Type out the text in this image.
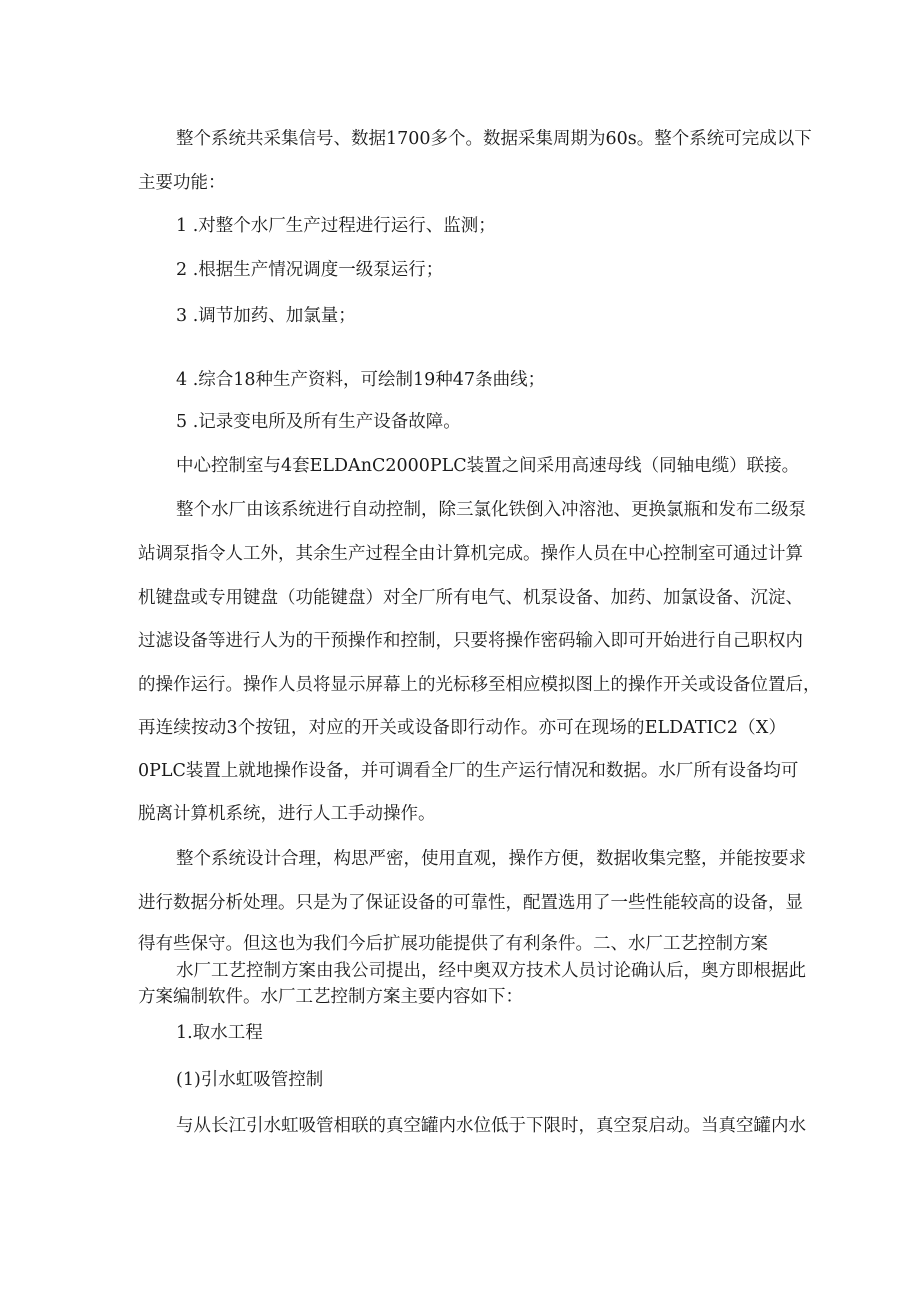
整个系统共采集信号、数据1700多个。数据采集周期为60s。整个系统可完成以下

主要功能：

1 .对整个水厂生产过程进行运行、监测；

2 .根据生产情况调度一级泵运行；

3 .调节加药、加氯量；

4 .综合18种生产资料，可绘制19种47条曲线；

5 .记录变电所及所有生产设备故障。

中心控制室与4套ELDAnC2000PLC装置之间采用高速母线（同轴电缆）联接。

整个水厂由该系统进行自动控制，除三氯化铁倒入冲溶池、更换氯瓶和发布二级泵

站调泵指令人工外，其余生产过程全由计算机完成。操作人员在中心控制室可通过计算

机键盘或专用键盘（功能键盘）对全厂所有电气、机泵设备、加药、加氯设备、沉淀、

过滤设备等进行人为的干预操作和控制，只要将操作密码输入即可开始进行自己职权内

的操作运行。操作人员将显示屏幕上的光标移至相应模拟图上的操作开关或设备位置后，

再连续按动3个按钮，对应的开关或设备即行动作。亦可在现场的ELDATIC2（X）

0PLC装置上就地操作设备，并可调看全厂的生产运行情况和数据。水厂所有设备均可

脱离计算机系统，进行人工手动操作。

整个系统设计合理，构思严密，使用直观，操作方便，数据收集完整，并能按要求

进行数据分析处理。只是为了保证设备的可靠性，配置选用了一些性能较高的设备，显

得有些保守。但这也为我们今后扩展功能提供了有利条件。二、水厂工艺控制方案

水厂工艺控制方案由我公司提出，经中奥双方技术人员讨论确认后，奥方即根据此

方案编制软件。水厂工艺控制方案主要内容如下：

1.取水工程

(1)引水虹吸管控制

与从长江引水虹吸管相联的真空罐内水位低于下限时，真空泵启动。当真空罐内水
